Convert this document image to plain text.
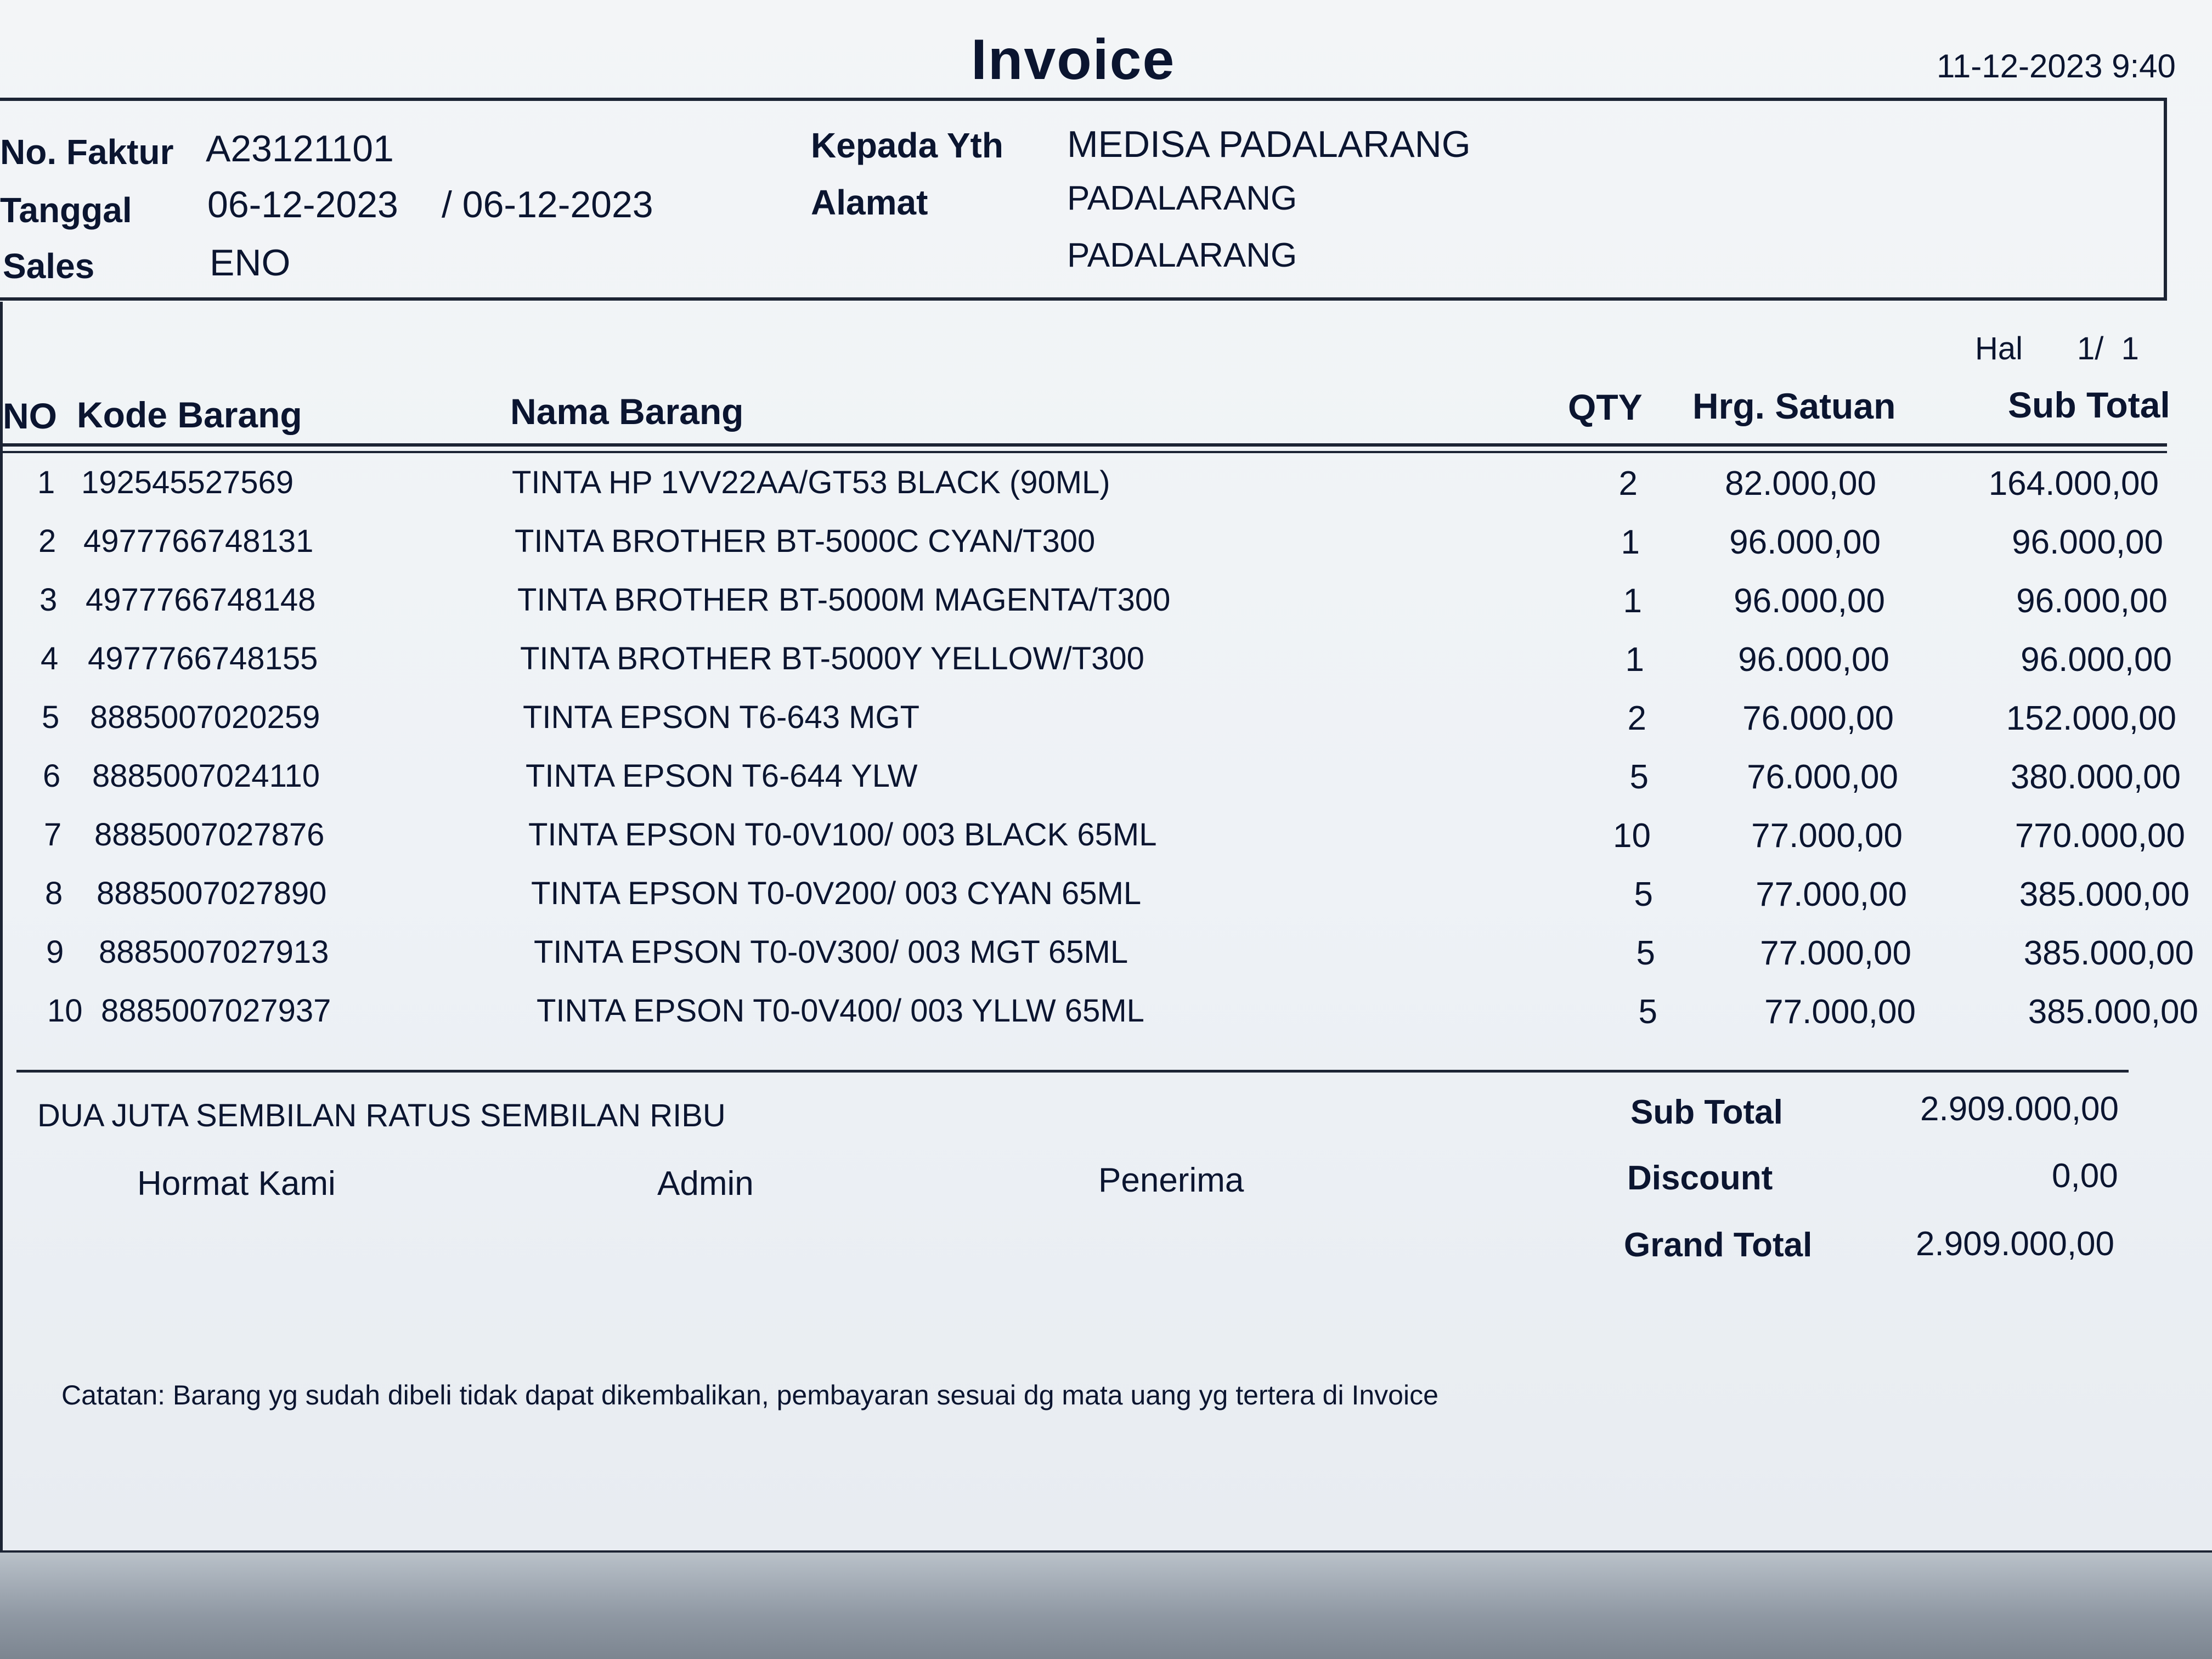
Invoice	11-12-2023 9:40
No. Faktur A23121101
Tanggal 06-12-2023 / 06-12-2023
Sales	ENO
Kepada Yth MEDISA PADALARANG
Alamat	PADALARANG
PADALARANG
Hal 1/  1
NO Kode Barang	Nama Barang	QTY Hrg. Satuan	Sub Total
1 192545527569	TINTA HP 1VV22AA/GT53 BLACK (90ML)	2	82.000,00	164.000,00
2 4977766748131	TINTA BROTHER BT-5000C CYAN/T300	1	96.000,00	96.000,00
3 4977766748148	TINTA BROTHER BT-5000M MAGENTA/T300	1	96.000,00	96.000,00
4 4977766748155	TINTA BROTHER BT-5000Y YELLOW/T300	1	96.000,00	96.000,00
5 8885007020259	TINTA EPSON T6-643 MGT	2	76.000,00	152.000,00
6 8885007024110	TINTA EPSON T6-644 YLW	5	76.000,00	380.000,00
7 8885007027876	TINTA EPSON T0-0V100/ 003 BLACK 65ML	10	77.000,00	770.000,00
8 8885007027890	TINTA EPSON T0-0V200/ 003 CYAN 65ML	5	77.000,00	385.000,00
9 8885007027913	TINTA EPSON T0-0V300/ 003 MGT 65ML	5	77.000,00	385.000,00
10 8885007027937	TINTA EPSON T0-0V400/ 003 YLLW 65ML	5	77.000,00	385.000,00
DUA JUTA SEMBILAN RATUS SEMBILAN RIBU
Hormat Kami	Admin	Penerima
Sub Total	2.909.000,00
Discount	0,00
Grand Total	2.909.000,00
Catatan: Barang yg sudah dibeli tidak dapat dikembalikan, pembayaran sesuai dg mata uang yg tertera di Invoice
